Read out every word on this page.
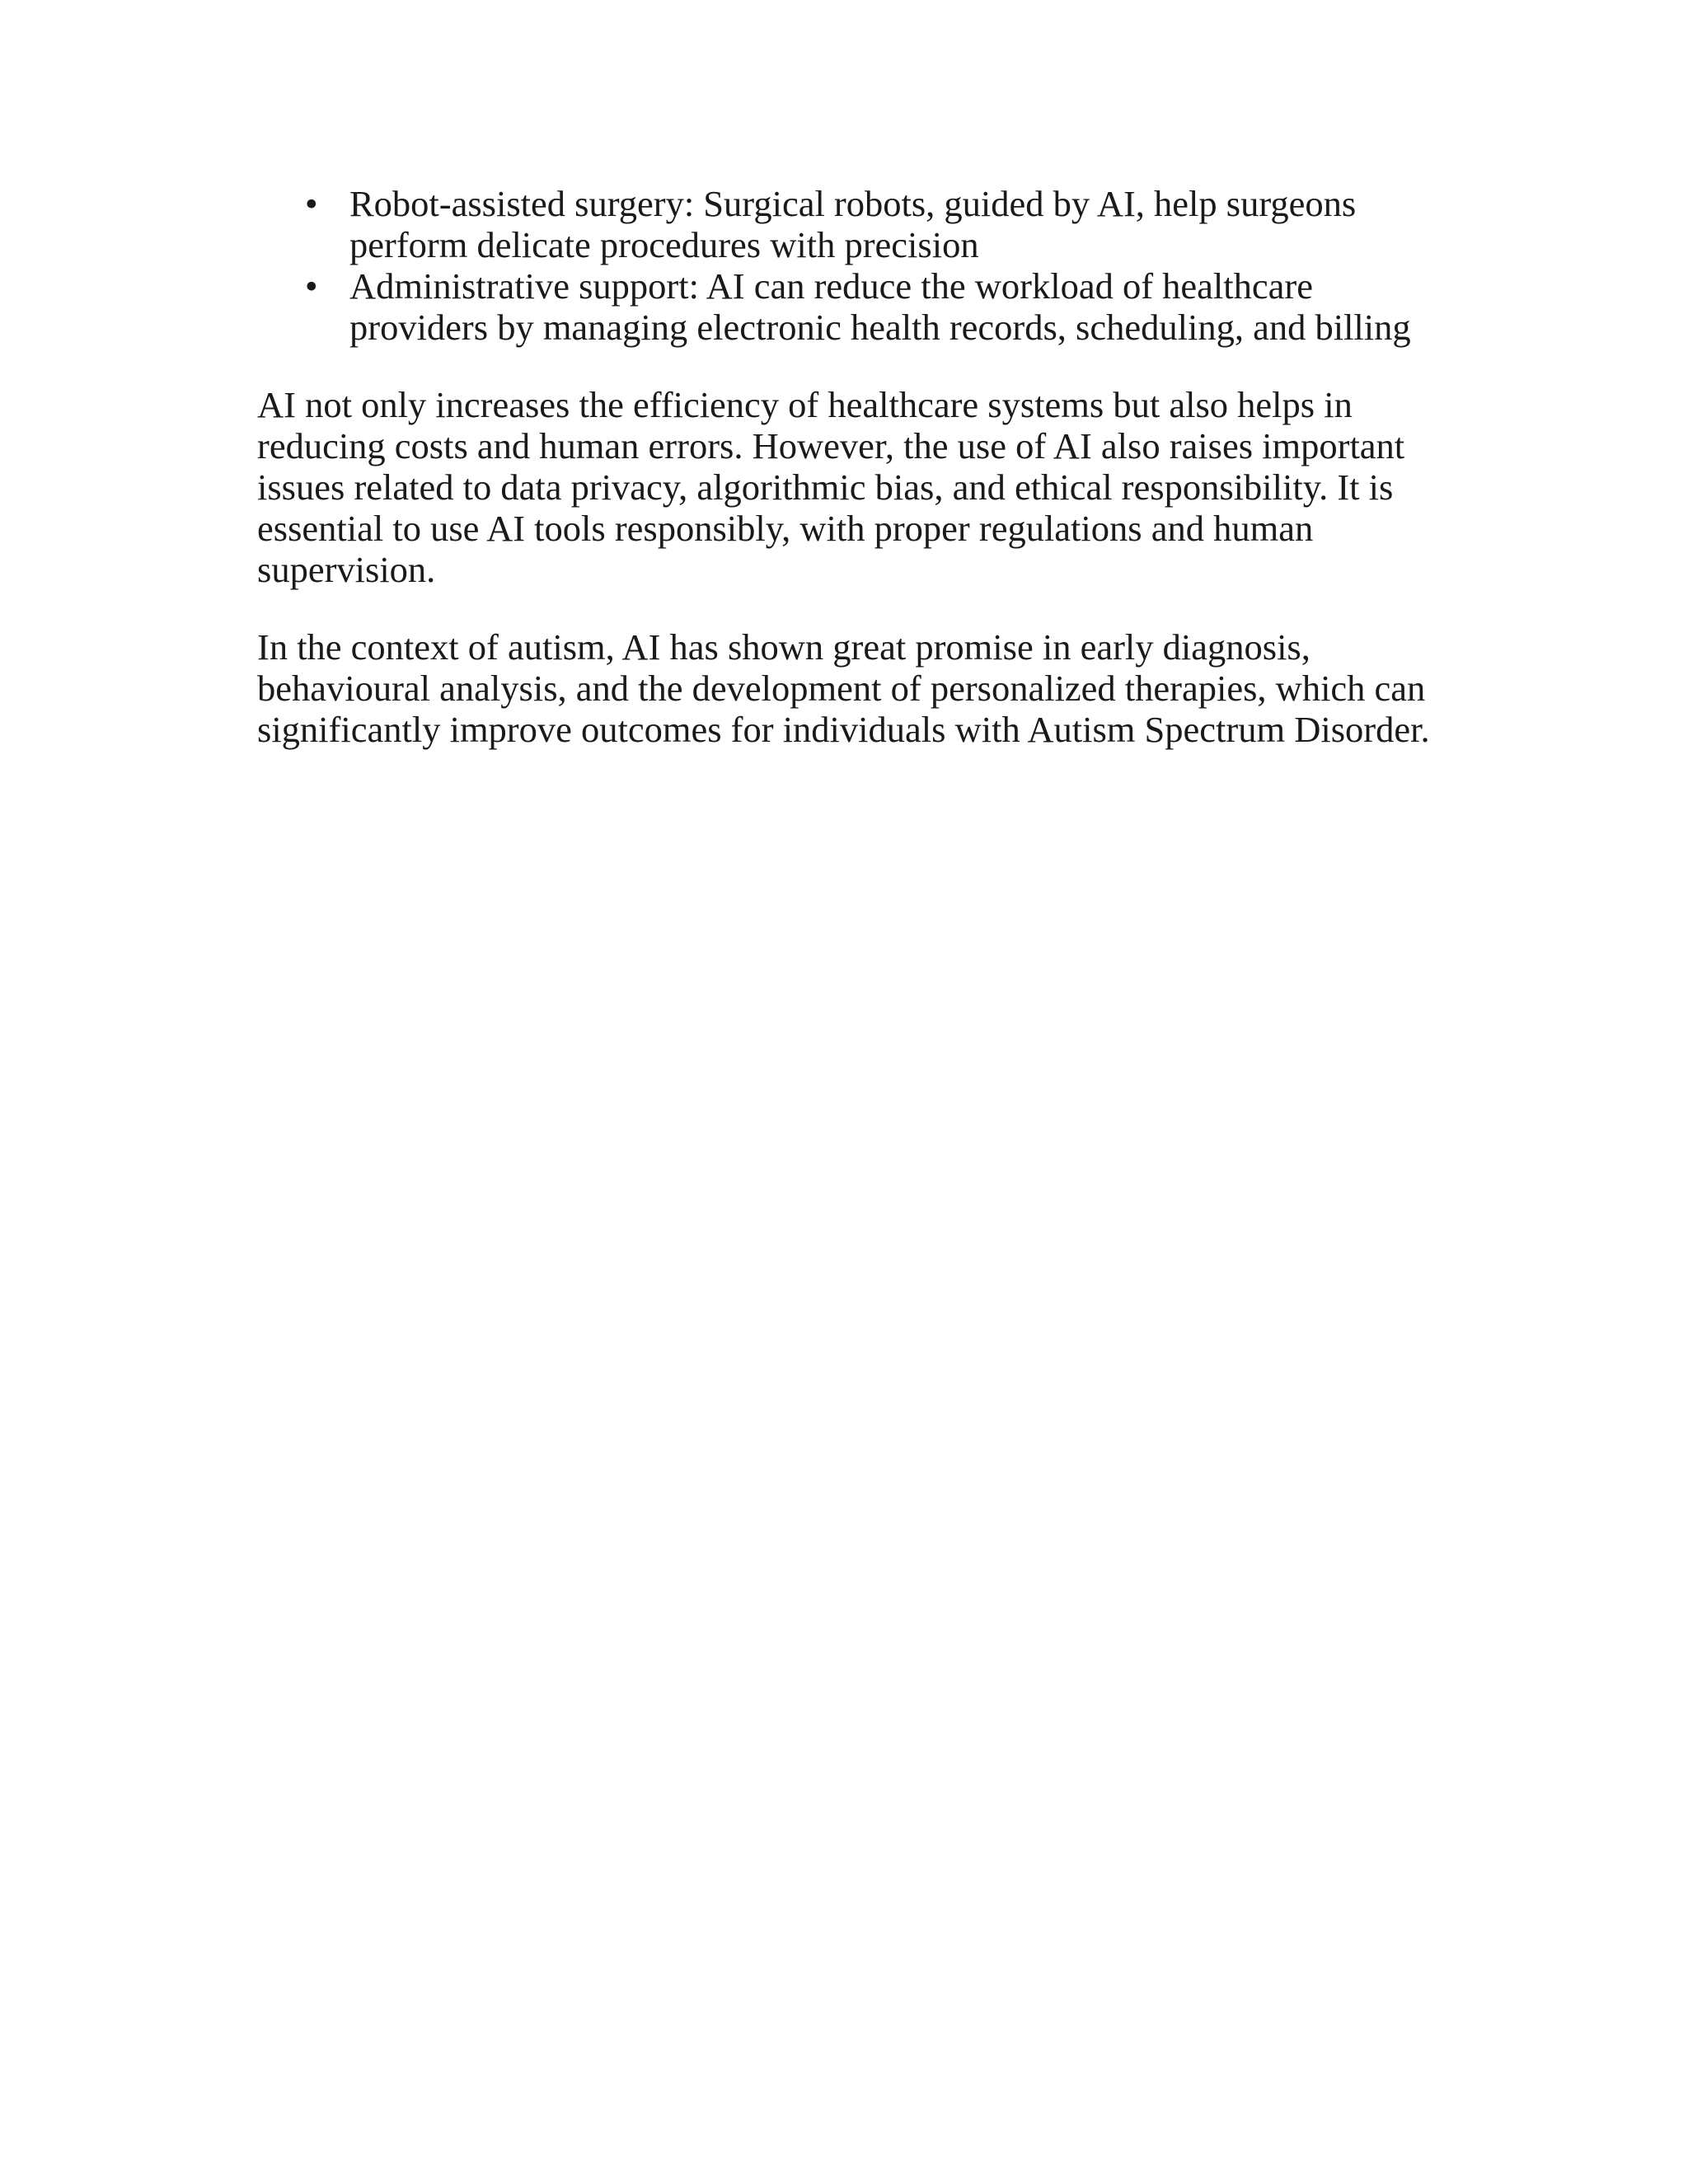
• Robot-assisted surgery: Surgical robots, guided by AI, help surgeons perform delicate procedures with precision
• Administrative support: AI can reduce the workload of healthcare providers by managing electronic health records, scheduling, and billing

AI not only increases the efficiency of healthcare systems but also helps in reducing costs and human errors. However, the use of AI also raises important issues related to data privacy, algorithmic bias, and ethical responsibility. It is essential to use AI tools responsibly, with proper regulations and human supervision.

In the context of autism, AI has shown great promise in early diagnosis, behavioural analysis, and the development of personalized therapies, which can significantly improve outcomes for individuals with Autism Spectrum Disorder.
